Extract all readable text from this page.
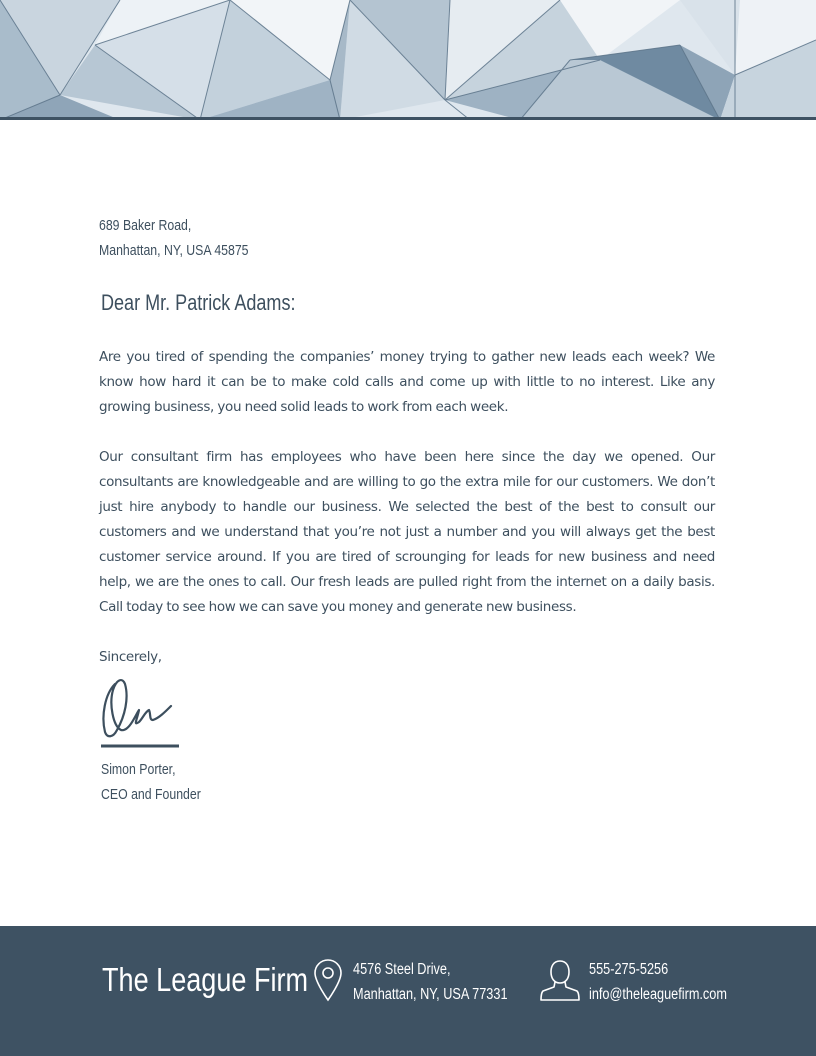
689 Baker Road,
Manhattan, NY, USA 45875
Dear Mr. Patrick Adams:

Are you tired of spending the companies’ money trying to gather new leads each week? We know how hard it can be to make cold calls and come up with little to no interest. Like any growing business, you need solid leads to work from each week.

Our consultant firm has employees who have been here since the day we opened. Our consultants are knowledgeable and are willing to go the extra mile for our customers. We don’t just hire anybody to handle our business. We selected the best of the best to consult our customers and we understand that you’re not just a number and you will always get the best customer service around. If you are tired of scrounging for leads for new business and need help, we are the ones to call. Our fresh leads are pulled right from the internet on a daily basis. Call today to see how we can save you money and generate new business.

Sincerely,
Simon Porter,
CEO and Founder
The League Firm	4576 Steel Drive,
Manhattan, NY, USA 77331
555-275-5256
info@theleaguefirm.com
